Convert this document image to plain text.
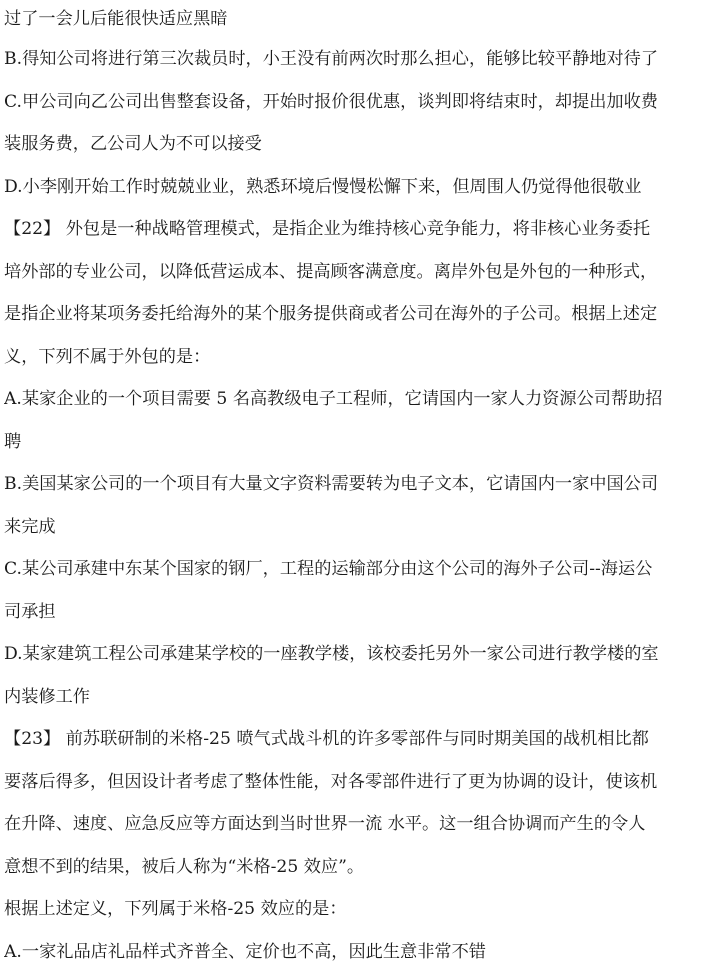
过了一会儿后能很快适应黑暗
B.得知公司将进行第三次裁员时，小王没有前两次时那么担心，能够比较平静地对待了
C.甲公司向乙公司出售整套设备，开始时报价很优惠，谈判即将结束时，却提出加收费
装服务费，乙公司人为不可以接受
D.小李刚开始工作时兢兢业业，熟悉环境后慢慢松懈下来，但周围人仍觉得他很敬业
【22】 外包是一种战略管理模式，是指企业为维持核心竞争能力，将非核心业务委托
培外部的专业公司，以降低营运成本、提高顾客满意度。离岸外包是外包的一种形式，
是指企业将某项务委托给海外的某个服务提供商或者公司在海外的子公司。根据上述定
义，下列不属于外包的是：
A.某家企业的一个项目需要 5 名高教级电子工程师，它请国内一家人力资源公司帮助招
聘
B.美国某家公司的一个项目有大量文字资料需要转为电子文本，它请国内一家中国公司
来完成
C.某公司承建中东某个国家的钢厂，工程的运输部分由这个公司的海外子公司--海运公
司承担
D.某家建筑工程公司承建某学校的一座教学楼，该校委托另外一家公司进行教学楼的室
内装修工作
【23】 前苏联研制的米格-25 喷气式战斗机的许多零部件与同时期美国的战机相比都
要落后得多，但因设计者考虑了整体性能，对各零部件进行了更为协调的设计，使该机
在升降、速度、应急反应等方面达到当时世界一流 水平。这一组合协调而产生的令人
意想不到的结果，被后人称为“米格-25 效应”。
根据上述定义，下列属于米格-25 效应的是：
A.一家礼品店礼品样式齐普全、定价也不高，因此生意非常不错
